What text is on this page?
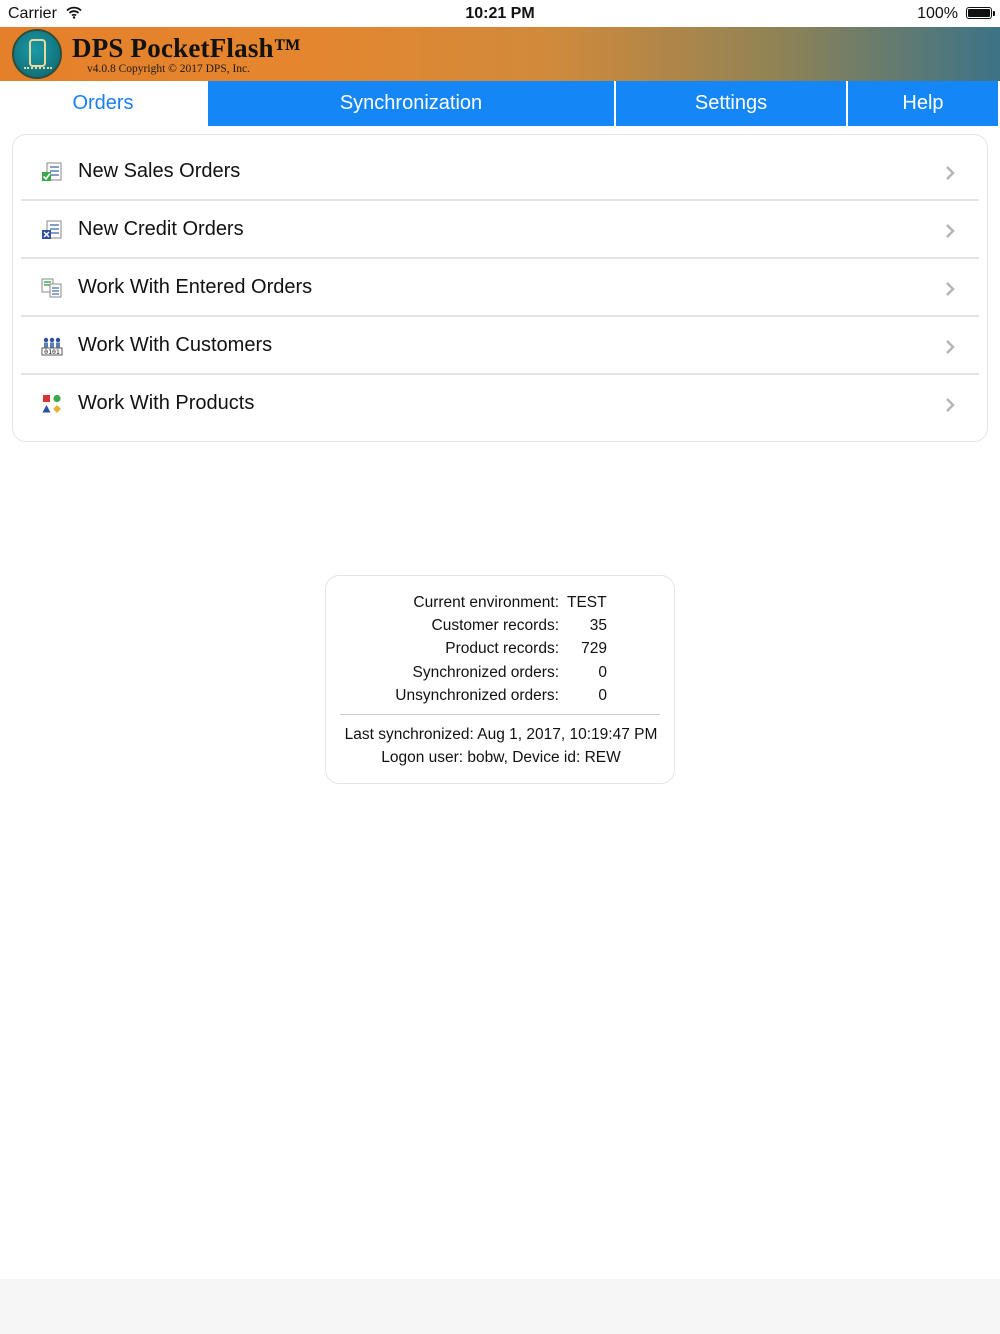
Carrier	10:21 PM	100%
DPS PocketFlash™
v4.0.8 Copyright © 2017 DPS, Inc.
Orders	Synchronization	Settings	Help
New Sales Orders
New Credit Orders
Work With Entered Orders
0101 Work With Customers
Work With Products
Current environment: TEST
Customer records: 35
Product records: 729
Synchronized orders:	0
Unsynchronized orders:	0
Last synchronized: Aug 1, 2017, 10:19:47 PM
Logon user: bobw, Device id: REW
